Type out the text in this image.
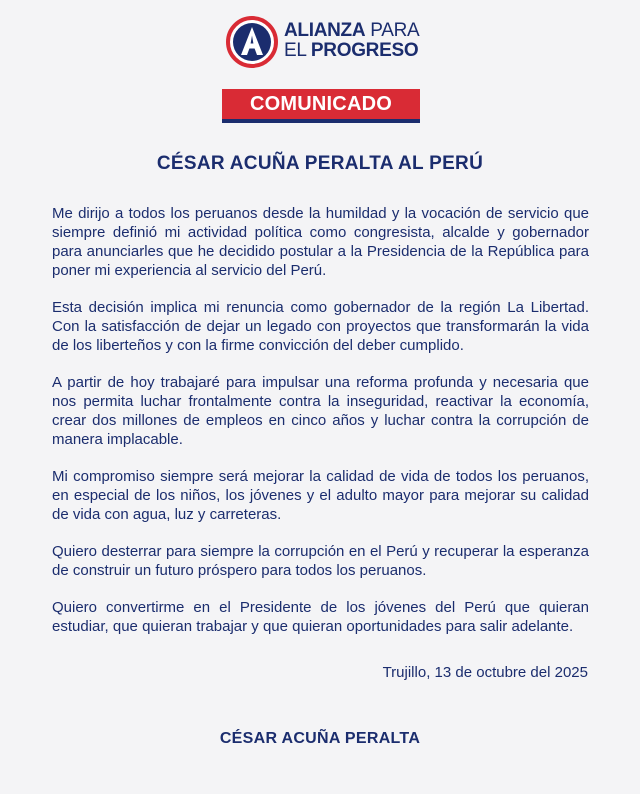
ALIANZA PARA
EL PROGRESO
COMUNICADO
CÉSAR ACUÑA PERALTA AL PERÚ

Me dirijo a todos los peruanos desde la humildad y la vocación de servicio que siempre definió mi actividad política como congresista, alcalde y gobernador para anunciarles que he decidido postular a la Presidencia de la República para poner mi experiencia al servicio del Perú.

Esta decisión implica mi renuncia como gobernador de la región La Libertad. Con la satisfacción de dejar un legado con proyectos que transformarán la vida de los liberteños y con la firme convicción del deber cumplido.

A partir de hoy trabajaré para impulsar una reforma profunda y necesaria que nos permita luchar frontalmente contra la inseguridad, reactivar la economía, crear dos millones de empleos en cinco años y luchar contra la corrupción de manera implacable.

Mi compromiso siempre será mejorar la calidad de vida de todos los peruanos, en especial de los niños, los jóvenes y el adulto mayor para mejorar su calidad de vida con agua, luz y carreteras.

Quiero desterrar para siempre la corrupción en el Perú y recuperar la esperanza de construir un futuro próspero para todos los peruanos.

Quiero convertirme en el Presidente de los jóvenes del Perú que quieran estudiar, que quieran trabajar y que quieran oportunidades para salir adelante.

Trujillo, 13 de octubre del 2025
CÉSAR ACUÑA PERALTA
